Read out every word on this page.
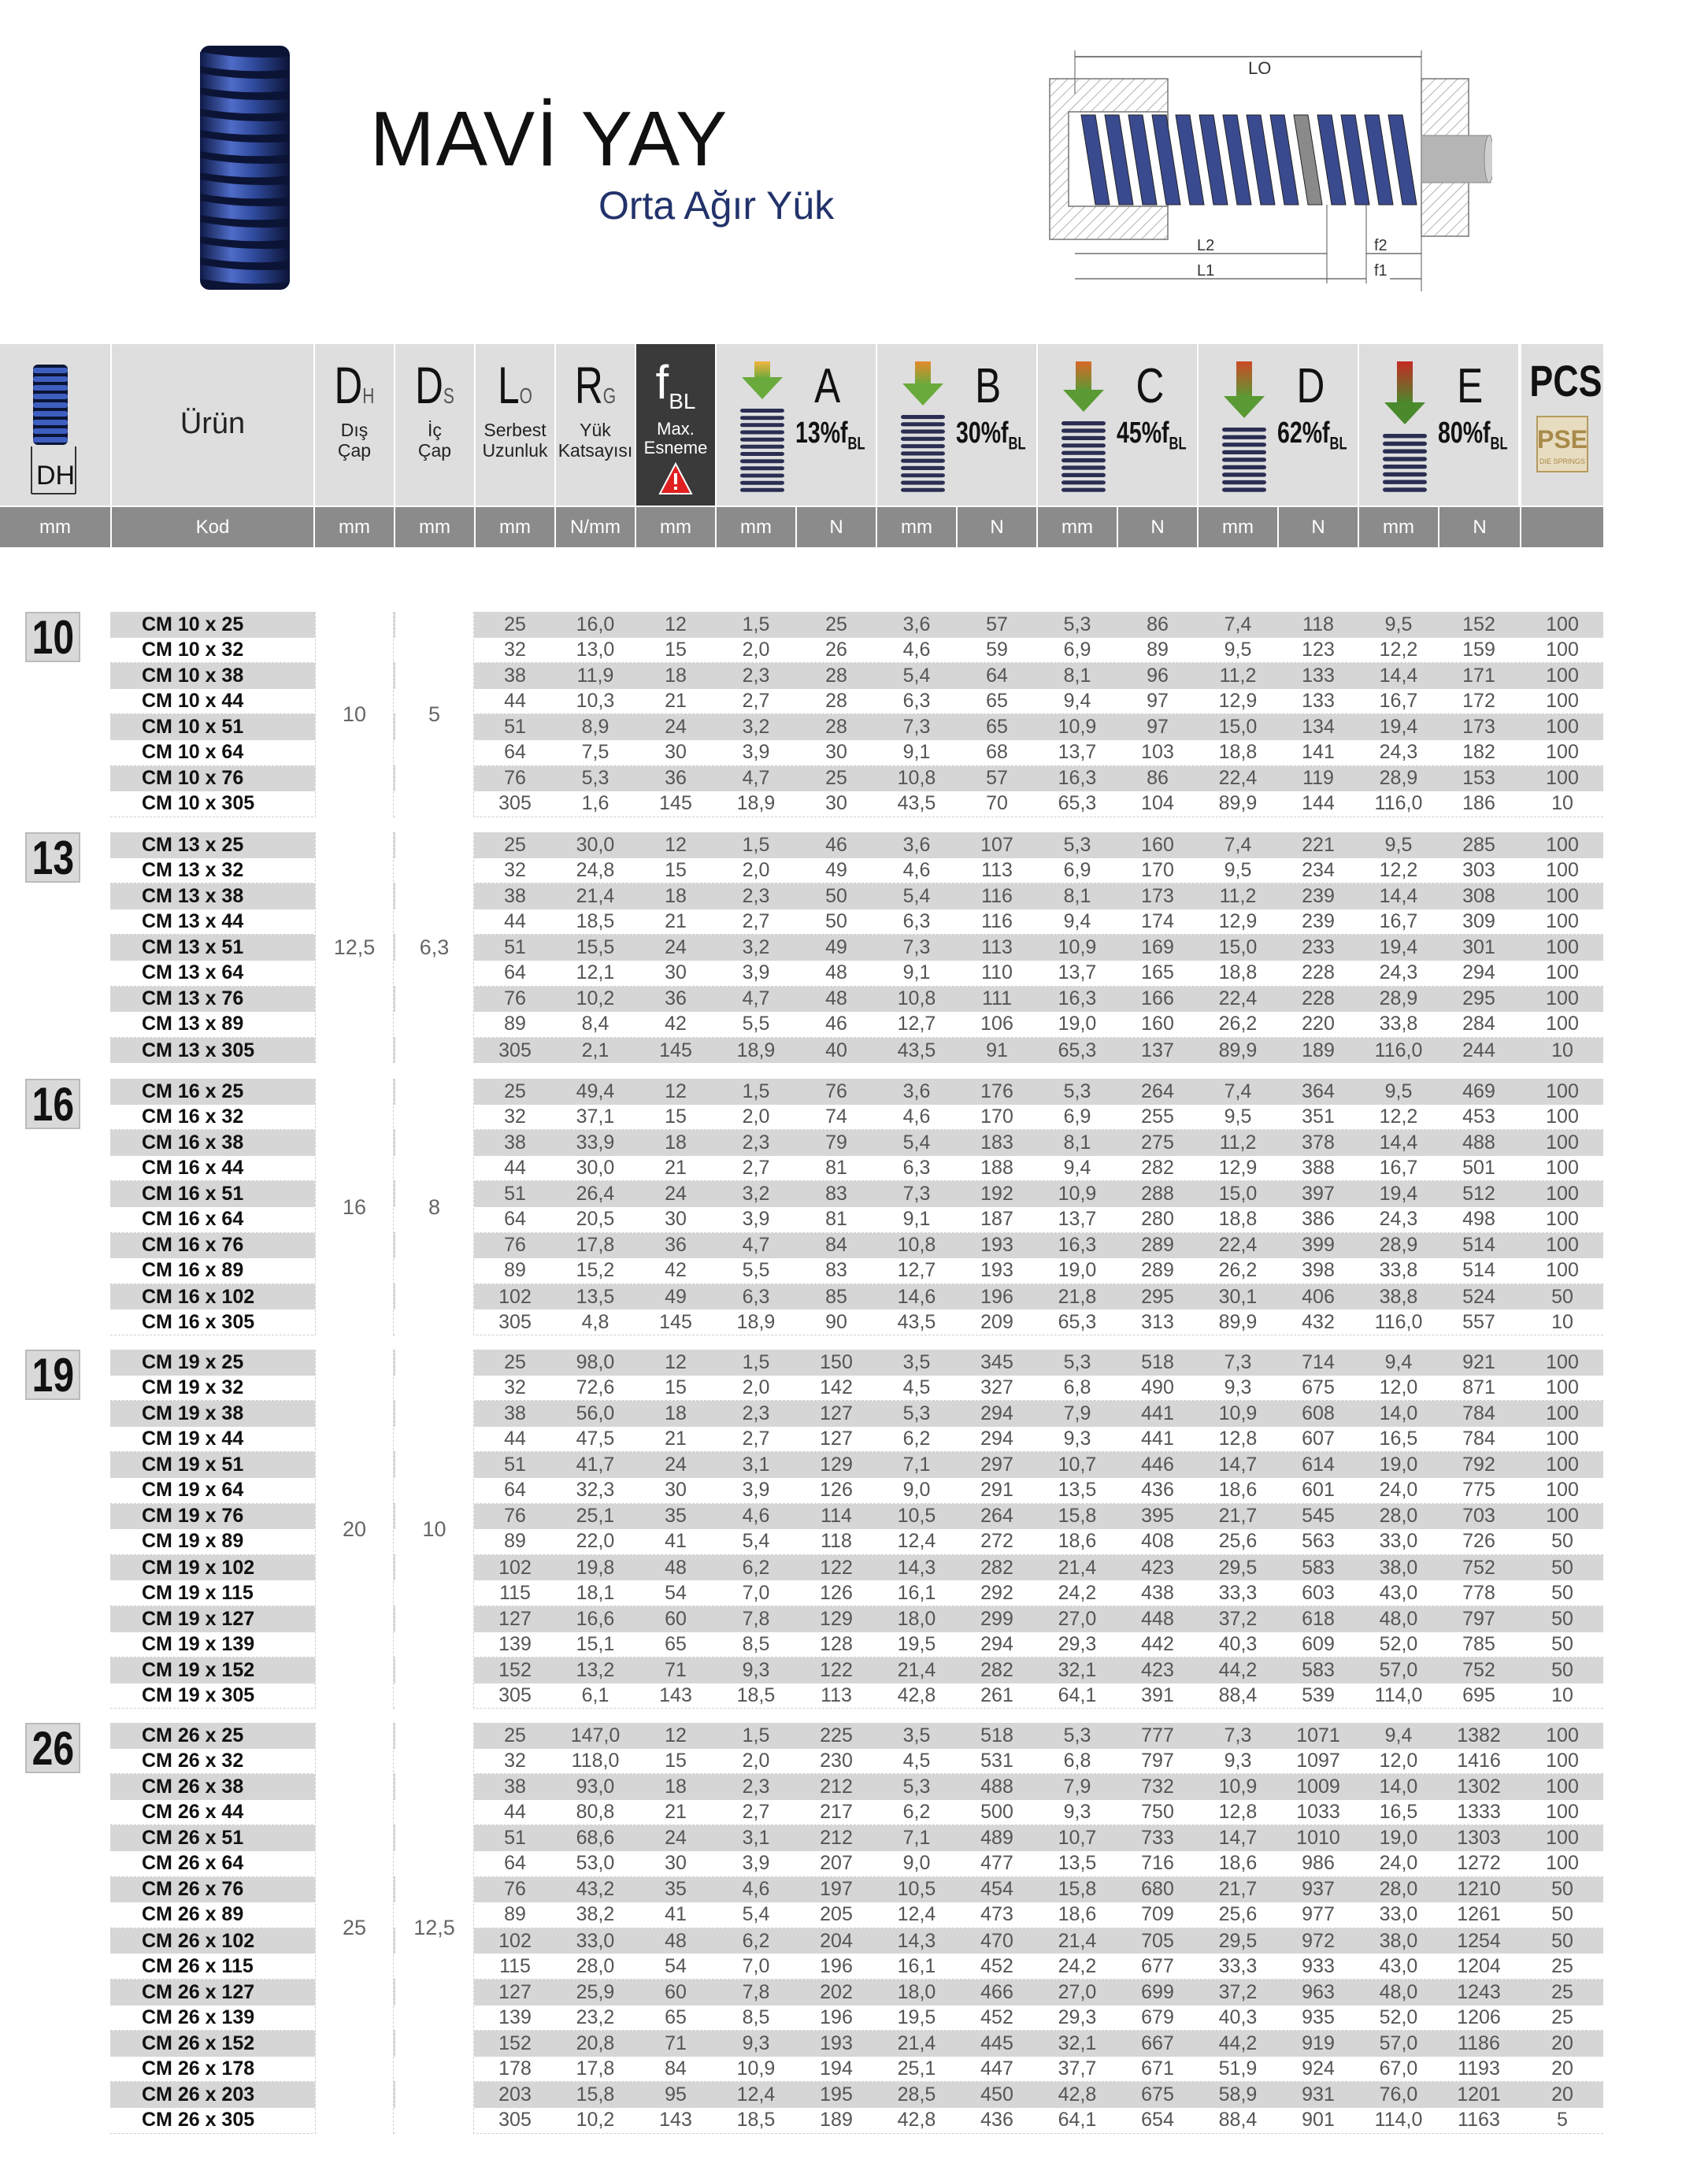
MAVİ YAY
Orta Ağır Yük
LO
L2
L1
f2
f1
DH
Ürün
DH
Dış
Çap
DS
İç
Çap
LO
Serbest
Uzunluk
RG
Yük
Katsayısı
$f_{BL}$
Max.
Esneme
A
$13\%f_{BL}$
B
$30\%f_{BL}$
C
$45\%f_{BL}$
D
$62\%f_{BL}$
E
$80\%f_{BL}$
PCS
PSE
DIE SPRINGS
mm	Kod	mm	mm	mm	N/mm	mm	mm	N	mm	N	mm	N	mm	N	mm	N
10	CM 10 x 25	25	16,0	12	1,5	25	3,6	57	5,3	86	7,4	118	9,5	152	100
CM 10 x 32	32	13,0	15	2,0	26	4,6	59	6,9	89	9,5	123	12,2	159	100
CM 10 x 38	38	11,9	18	2,3	28	5,4	64	8,1	96	11,2	133	14,4	171	100
CM 10 x 44	44	10,3	21	2,7	28	6,3	65	9,4	97	12,9	133	16,7	172	100
CM 10 x 51	51	8,9	24	3,2	28	7,3	65	10,9	97	15,0	134	19,4	173	100
CM 10 x 64	64	7,5	30	3,9	30	9,1	68	13,7	103	18,8	141	24,3	182	100
CM 10 x 76	76	5,3	36	4,7	25	10,8	57	16,3	86	22,4	119	28,9	153	100
CM 10 x 305	305	1,6	145	18,9	30	43,5	70	65,3	104	89,9	144	116,0	186	10
10	5
13	CM 13 x 25	25	30,0	12	1,5	46	3,6	107	5,3	160	7,4	221	9,5	285	100
CM 13 x 32	32	24,8	15	2,0	49	4,6	113	6,9	170	9,5	234	12,2	303	100
CM 13 x 38	38	21,4	18	2,3	50	5,4	116	8,1	173	11,2	239	14,4	308	100
CM 13 x 44	44	18,5	21	2,7	50	6,3	116	9,4	174	12,9	239	16,7	309	100
CM 13 x 51	51	15,5	24	3,2	49	7,3	113	10,9	169	15,0	233	19,4	301	100
CM 13 x 64	64	12,1	30	3,9	48	9,1	110	13,7	165	18,8	228	24,3	294	100
CM 13 x 76	76	10,2	36	4,7	48	10,8	111	16,3	166	22,4	228	28,9	295	100
CM 13 x 89	89	8,4	42	5,5	46	12,7	106	19,0	160	26,2	220	33,8	284	100
CM 13 x 305	305	2,1	145	18,9	40	43,5	91	65,3	137	89,9	189	116,0	244	10
12,5	6,3
16	CM 16 x 25	25	49,4	12	1,5	76	3,6	176	5,3	264	7,4	364	9,5	469	100
CM 16 x 32	32	37,1	15	2,0	74	4,6	170	6,9	255	9,5	351	12,2	453	100
CM 16 x 38	38	33,9	18	2,3	79	5,4	183	8,1	275	11,2	378	14,4	488	100
CM 16 x 44	44	30,0	21	2,7	81	6,3	188	9,4	282	12,9	388	16,7	501	100
CM 16 x 51	51	26,4	24	3,2	83	7,3	192	10,9	288	15,0	397	19,4	512	100
CM 16 x 64	64	20,5	30	3,9	81	9,1	187	13,7	280	18,8	386	24,3	498	100
CM 16 x 76	76	17,8	36	4,7	84	10,8	193	16,3	289	22,4	399	28,9	514	100
CM 16 x 89	89	15,2	42	5,5	83	12,7	193	19,0	289	26,2	398	33,8	514	100
CM 16 x 102	102	13,5	49	6,3	85	14,6	196	21,8	295	30,1	406	38,8	524	50
CM 16 x 305	305	4,8	145	18,9	90	43,5	209	65,3	313	89,9	432	116,0	557	10
16	8
19	CM 19 x 25	25	98,0	12	1,5	150	3,5	345	5,3	518	7,3	714	9,4	921	100
CM 19 x 32	32	72,6	15	2,0	142	4,5	327	6,8	490	9,3	675	12,0	871	100
CM 19 x 38	38	56,0	18	2,3	127	5,3	294	7,9	441	10,9	608	14,0	784	100
CM 19 x 44	44	47,5	21	2,7	127	6,2	294	9,3	441	12,8	607	16,5	784	100
CM 19 x 51	51	41,7	24	3,1	129	7,1	297	10,7	446	14,7	614	19,0	792	100
CM 19 x 64	64	32,3	30	3,9	126	9,0	291	13,5	436	18,6	601	24,0	775	100
CM 19 x 76	76	25,1	35	4,6	114	10,5	264	15,8	395	21,7	545	28,0	703	100
CM 19 x 89	89	22,0	41	5,4	118	12,4	272	18,6	408	25,6	563	33,0	726	50
CM 19 x 102	102	19,8	48	6,2	122	14,3	282	21,4	423	29,5	583	38,0	752	50
CM 19 x 115	115	18,1	54	7,0	126	16,1	292	24,2	438	33,3	603	43,0	778	50
CM 19 x 127	127	16,6	60	7,8	129	18,0	299	27,0	448	37,2	618	48,0	797	50
CM 19 x 139	139	15,1	65	8,5	128	19,5	294	29,3	442	40,3	609	52,0	785	50
CM 19 x 152	152	13,2	71	9,3	122	21,4	282	32,1	423	44,2	583	57,0	752	50
CM 19 x 305	305	6,1	143	18,5	113	42,8	261	64,1	391	88,4	539	114,0	695	10
20	10
26	CM 26 x 25	25	147,0	12	1,5	225	3,5	518	5,3	777	7,3	1071	9,4	1382	100
CM 26 x 32	32	118,0	15	2,0	230	4,5	531	6,8	797	9,3	1097	12,0	1416	100
CM 26 x 38	38	93,0	18	2,3	212	5,3	488	7,9	732	10,9	1009	14,0	1302	100
CM 26 x 44	44	80,8	21	2,7	217	6,2	500	9,3	750	12,8	1033	16,5	1333	100
CM 26 x 51	51	68,6	24	3,1	212	7,1	489	10,7	733	14,7	1010	19,0	1303	100
CM 26 x 64	64	53,0	30	3,9	207	9,0	477	13,5	716	18,6	986	24,0	1272	100
CM 26 x 76	76	43,2	35	4,6	197	10,5	454	15,8	680	21,7	937	28,0	1210	50
CM 26 x 89	89	38,2	41	5,4	205	12,4	473	18,6	709	25,6	977	33,0	1261	50
CM 26 x 102	102	33,0	48	6,2	204	14,3	470	21,4	705	29,5	972	38,0	1254	50
CM 26 x 115	115	28,0	54	7,0	196	16,1	452	24,2	677	33,3	933	43,0	1204	25
CM 26 x 127	127	25,9	60	7,8	202	18,0	466	27,0	699	37,2	963	48,0	1243	25
CM 26 x 139	139	23,2	65	8,5	196	19,5	452	29,3	679	40,3	935	52,0	1206	25
CM 26 x 152	152	20,8	71	9,3	193	21,4	445	32,1	667	44,2	919	57,0	1186	20
CM 26 x 178	178	17,8	84	10,9	194	25,1	447	37,7	671	51,9	924	67,0	1193	20
CM 26 x 203	203	15,8	95	12,4	195	28,5	450	42,8	675	58,9	931	76,0	1201	20
CM 26 x 305	305	10,2	143	18,5	189	42,8	436	64,1	654	88,4	901	114,0	1163	5
25	12,5
